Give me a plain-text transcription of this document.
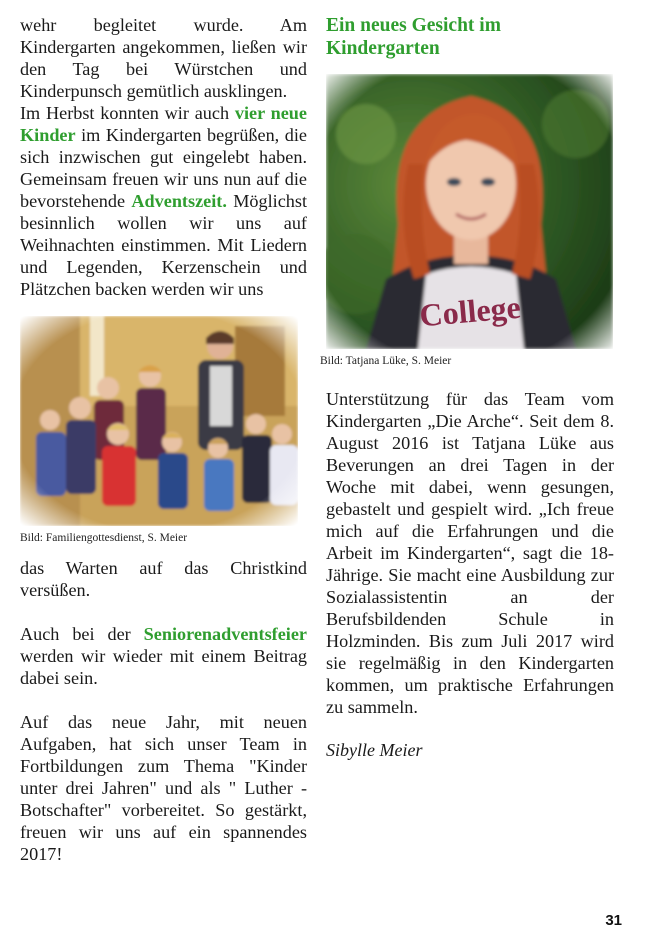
wehr begleitet wurde. Am Kindergarten angekommen, ließen wir den Tag bei Würstchen und Kinderpunsch gemütlich ausklingen.

Im Herbst konnten wir auch vier neue Kinder im Kindergarten begrüßen, die sich inzwischen gut eingelebt haben. Gemeinsam freuen wir uns nun auf die bevorstehende Adventszeit. Möglichst besinnlich wollen wir uns auf Weihnachten einstimmen. Mit Liedern und Legenden, Kerzenschein und Plätzchen backen werden wir uns

Bild: Familiengottesdienst, S. Meier

das Warten auf das Christkind versüßen.

Auch bei der Seniorenadventsfeier werden wir wieder mit einem Beitrag dabei sein.

Auf das neue Jahr, mit neuen Aufgaben, hat sich unser Team in Fortbildungen zum Thema "Kinder unter drei Jahren" und als " Luther - Botschafter" vorbereitet. So gestärkt, freuen wir uns auf ein spannendes 2017!

Ein neues Gesicht im Kindergarten

Bild: Tatjana Lüke, S. Meier

Unterstützung für das Team vom Kindergarten „Die Arche“. Seit dem 8. August 2016 ist Tatjana Lüke aus Beverungen an drei Tagen in der Woche mit dabei, wenn gesungen, gebastelt und gespielt wird. „Ich freue mich auf die Erfahrungen und die Arbeit im Kindergarten“, sagt die 18-Jährige. Sie macht eine Ausbildung zur Sozialassistentin an der Berufsbildenden Schule in Holzminden. Bis zum Juli 2017 wird sie regelmäßig in den Kindergarten kommen, um praktische Erfahrungen zu sammeln.

Sibylle Meier

31
